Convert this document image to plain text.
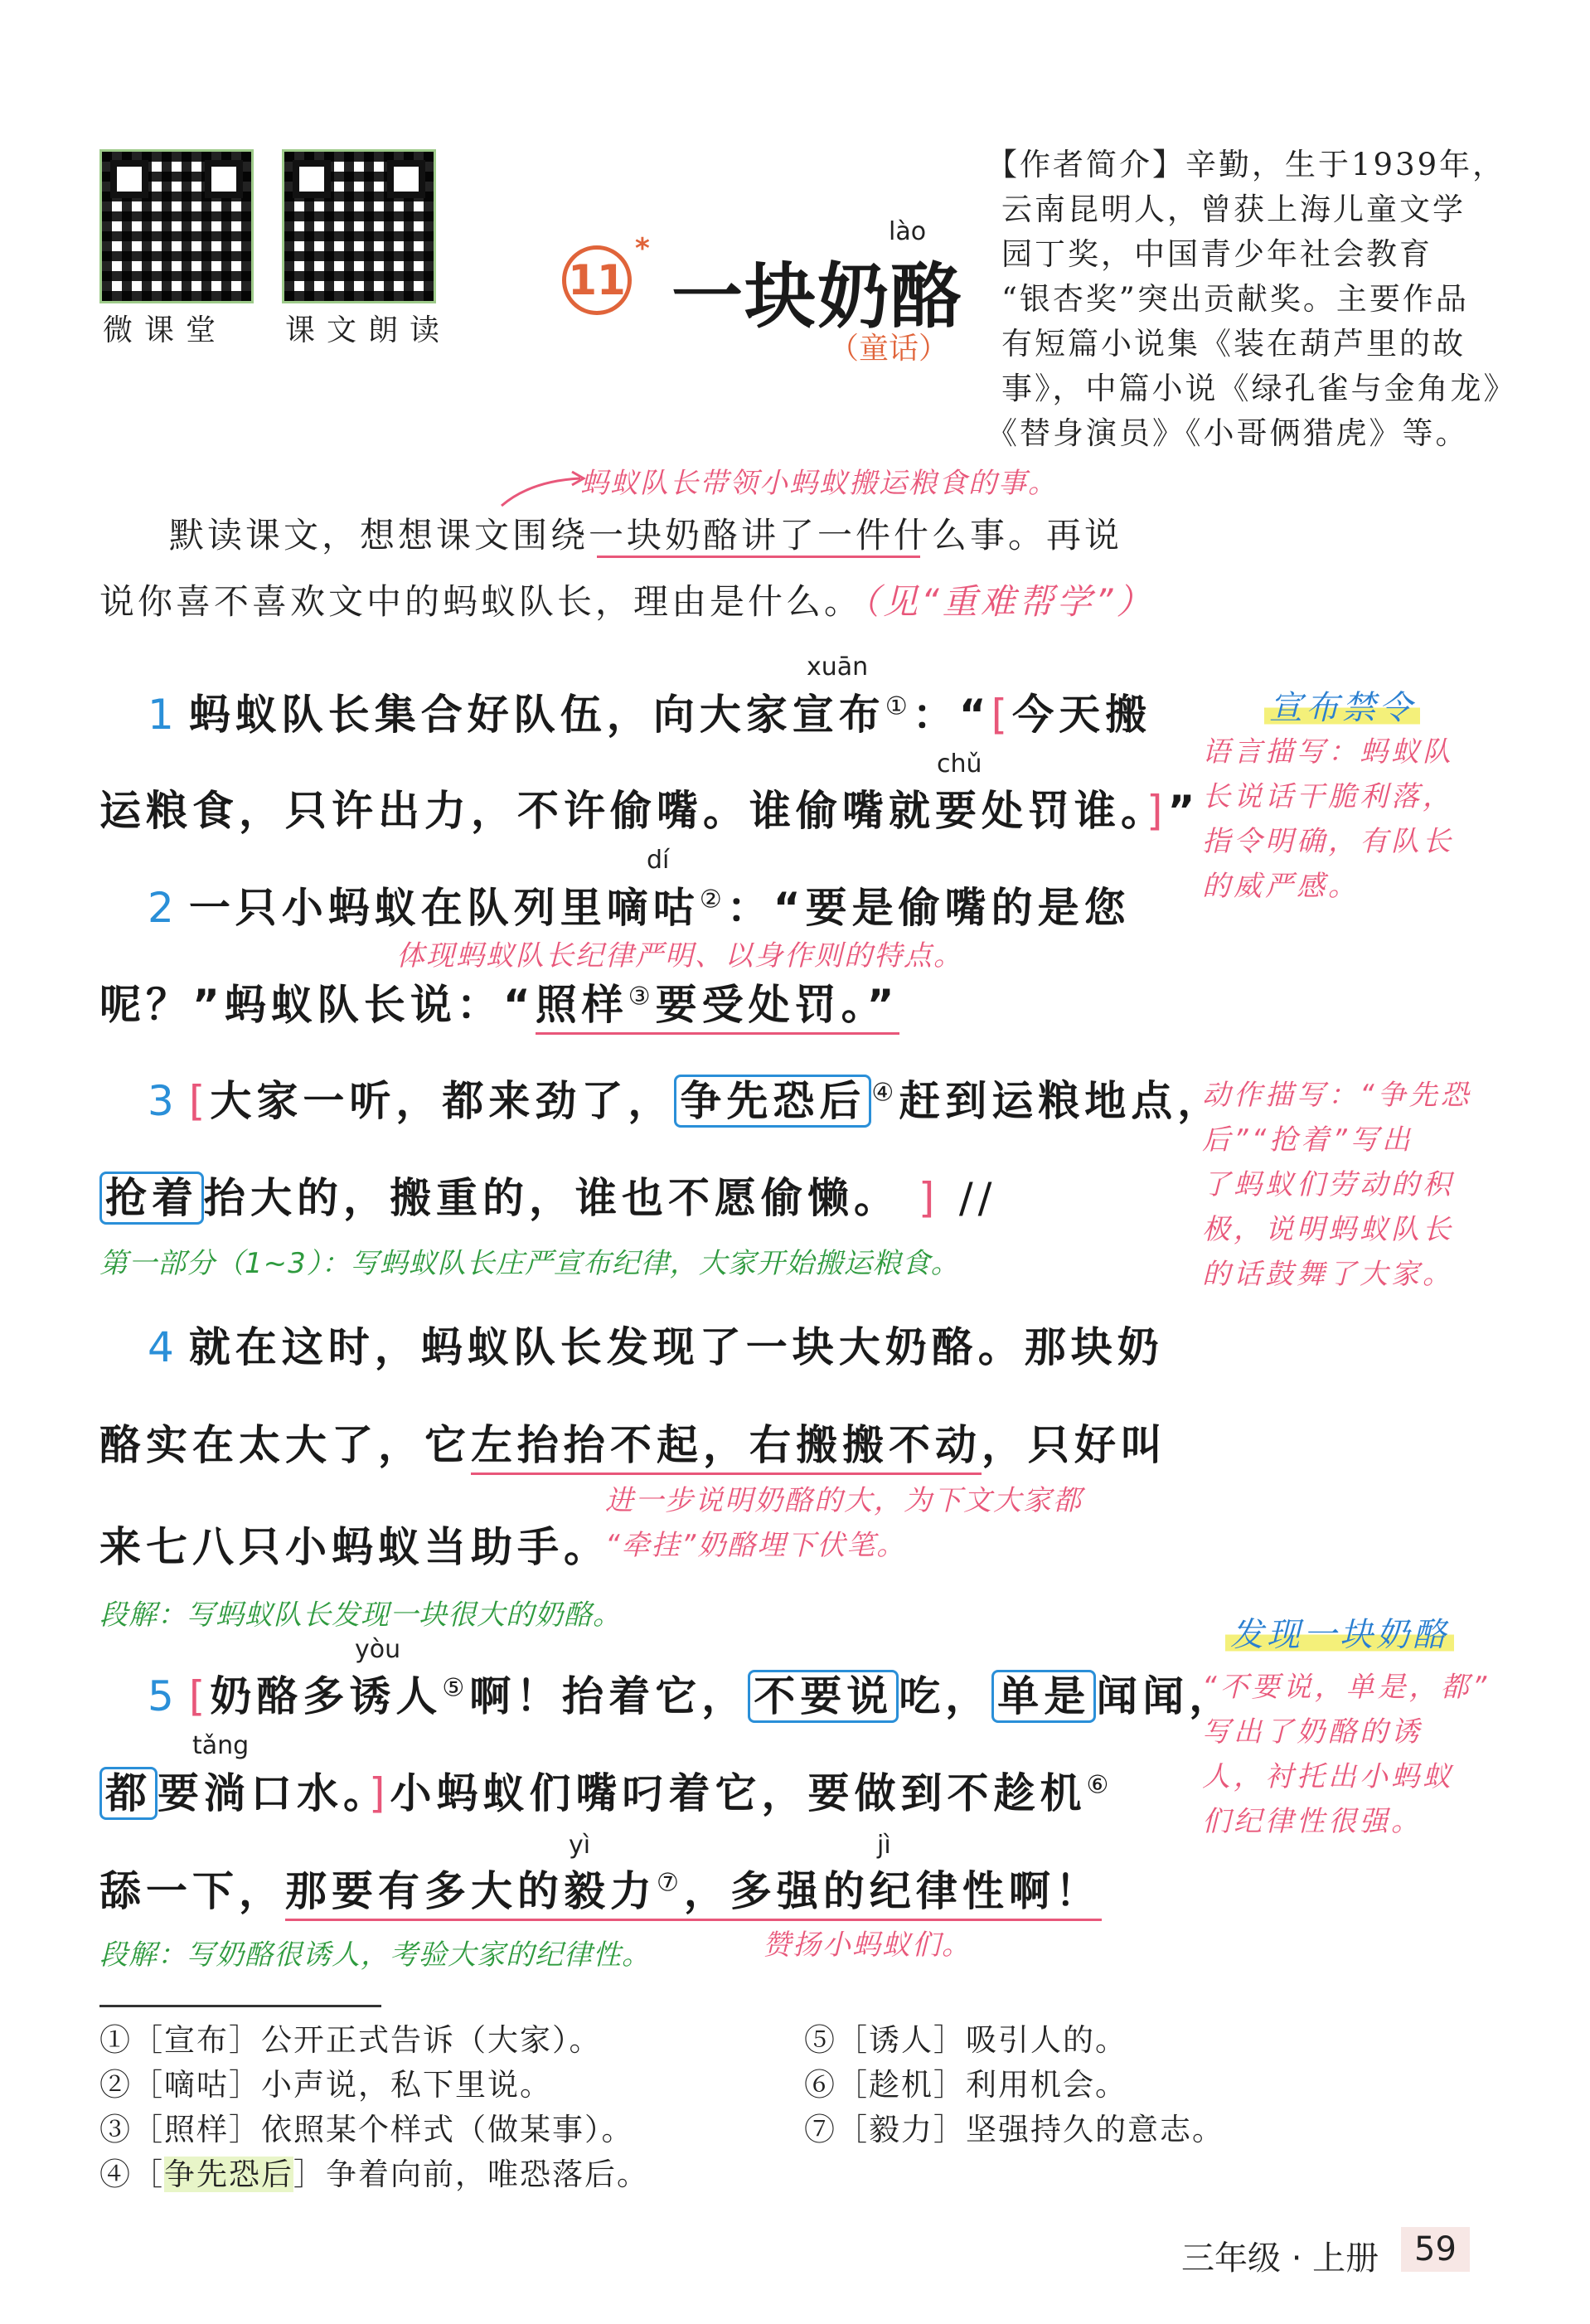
微课堂 课文朗读
11
*
lào
一块奶酪
（童话）
【作者简介】辛勤，生于1939年，
云南昆明人，曾获上海儿童文学
园丁奖，中国青少年社会教育
“银杏奖”突出贡献奖。主要作品
有短篇小说集《装在葫芦里的故
事》，中篇小说《绿孔雀与金角龙》
《替身演员》《小哥俩猎虎》等。
蚂蚁队长带领小蚂蚁搬运粮食的事。
默读课文，想想课文围绕一块奶酪讲了一件什么事。再说
说你喜不喜欢文中的蚂蚁队长，理由是什么。（见“重难帮学”）
xuān
1 蚂蚁队长集合好队伍，向大家宣布①：“[今天搬
chǔ
运粮食，只许出力，不许偷嘴。谁偷嘴就要处罚谁。]”
dí
2 一只小蚂蚁在队列里嘀咕②：“要是偷嘴的是您
体现蚂蚁队长纪律严明、以身作则的特点。
呢？”蚂蚁队长说：“照样③要受处罚。”
3 [大家一听，都来劲了， 争先恐后 ④赶到运粮地点，
抢着 抬大的，搬重的，谁也不愿偷懒。 ] //
第一部分（1~3）：写蚂蚁队长庄严宣布纪律，大家开始搬运粮食。
4 就在这时，蚂蚁队长发现了一块大奶酪。那块奶
酪实在太大了，它左抬抬不起，右搬搬不动，只好叫
进一步说明奶酪的大，为下文大家都
来七八只小蚂蚁当助手。
“牵挂”奶酪埋下伏笔。
段解：写蚂蚁队长发现一块很大的奶酪。
yòu
5 [奶酪多诱人⑤啊！抬着它， 不要说 吃， 单是 闻闻，
tǎng
都 要淌口水。]小蚂蚁们嘴叼着它，要做到不趁机⑥
yì	jì
舔一下，那要有多大的毅力⑦，多强的纪律性啊！
段解：写奶酪很诱人，考验大家的纪律性。	赞扬小蚂蚁们。
宣布禁令
语言描写：蚂蚁队
长说话干脆利落，
指令明确，有队长
的威严感。
动作描写：“争先恐
后”“抢着”写出
了蚂蚁们劳动的积
极，说明蚂蚁队长
的话鼓舞了大家。
发现一块奶酪
“不要说，单是，都”
写出了奶酪的诱
人，衬托出小蚂蚁
们纪律性很强。
①［宣布］公开正式告诉（大家）。
②［嘀咕］小声说，私下里说。
③［照样］依照某个样式（做某事）。
④［争先恐后］争着向前，唯恐落后。
⑤［诱人］吸引人的。
⑥［趁机］利用机会。
⑦［毅力］坚强持久的意志。
三年级 · 上册	59
